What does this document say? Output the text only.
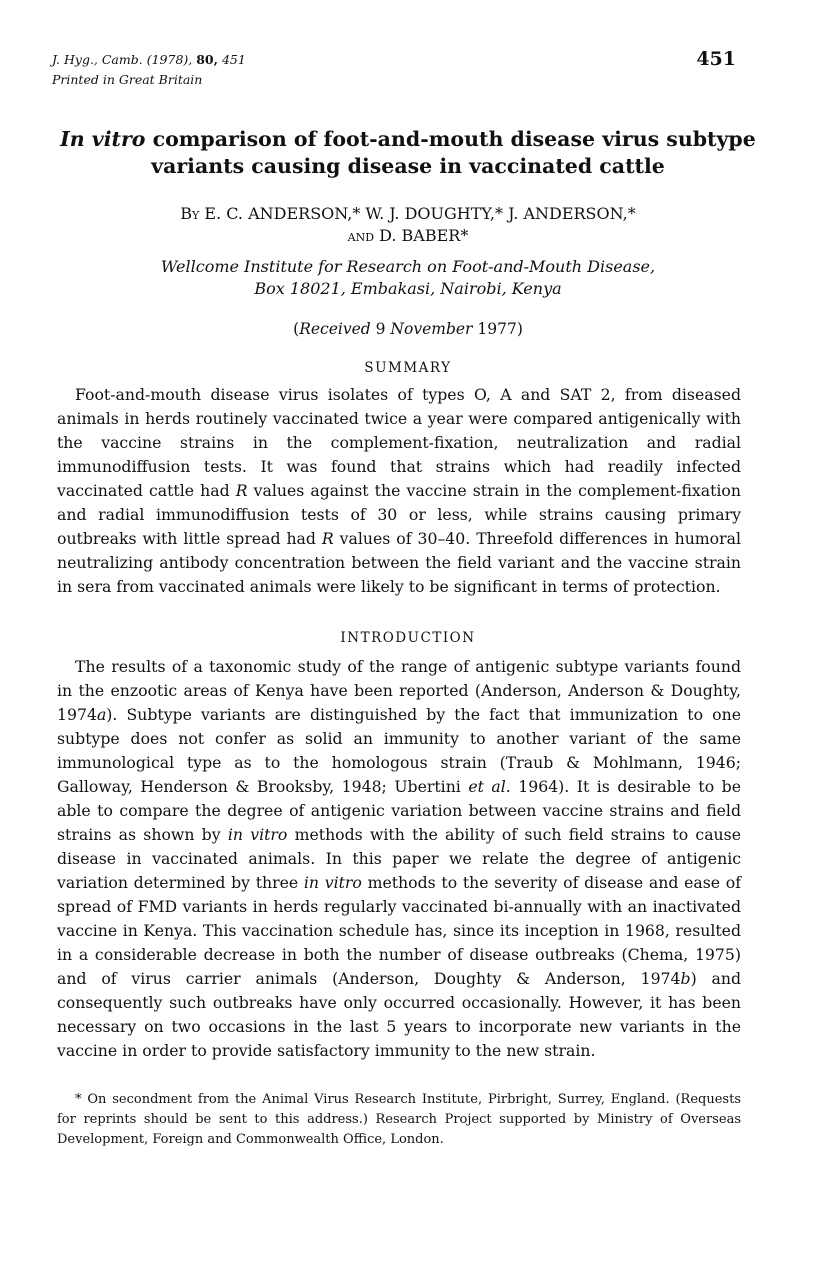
J. Hyg., Camb. (1978), 80, 451
Printed in Great Britain
451
In vitro comparison of foot-and-mouth disease virus subtype
variants causing disease in vaccinated cattle
By E. C. ANDERSON,* W. J. DOUGHTY,* J. ANDERSON,*
and D. BABER*
Wellcome Institute for Research on Foot-and-Mouth Disease,
Box 18021, Embakasi, Nairobi, Kenya
(Received 9 November 1977)
SUMMARY

Foot-and-mouth disease virus isolates of types O, A and SAT 2, from diseased animals in herds routinely vaccinated twice a year were compared antigenically with the vaccine strains in the complement-fixation, neutralization and radial immunodiffusion tests. It was found that strains which had readily infected vaccinated cattle had R values against the vaccine strain in the complement-fixation and radial immunodiffusion tests of 30 or less, while strains causing primary outbreaks with little spread had R values of 30–40. Threefold differences in humoral neutralizing antibody concentration between the field variant and the vaccine strain in sera from vaccinated animals were likely to be significant in terms of protection.

INTRODUCTION

The results of a taxonomic study of the range of antigenic subtype variants found in the enzootic areas of Kenya have been reported (Anderson, Anderson & Doughty, 1974a). Subtype variants are distinguished by the fact that immunization to one subtype does not confer as solid an immunity to another variant of the same immunological type as to the homologous strain (Traub & Mohlmann, 1946; Galloway, Henderson & Brooksby, 1948; Ubertini et al. 1964). It is desirable to be able to compare the degree of antigenic variation between vaccine strains and field strains as shown by in vitro methods with the ability of such field strains to cause disease in vaccinated animals. In this paper we relate the degree of antigenic variation determined by three in vitro methods to the severity of disease and ease of spread of FMD variants in herds regularly vaccinated bi-annually with an inactivated vaccine in Kenya. This vaccination schedule has, since its inception in 1968, resulted in a considerable decrease in both the number of disease outbreaks (Chema, 1975) and of virus carrier animals (Anderson, Doughty & Anderson, 1974b) and consequently such outbreaks have only occurred occasionally. However, it has been necessary on two occasions in the last 5 years to incorporate new variants in the vaccine in order to provide satisfactory immunity to the new strain.

* On secondment from the Animal Virus Research Institute, Pirbright, Surrey, England. (Requests for reprints should be sent to this address.) Research Project supported by Ministry of Overseas Development, Foreign and Commonwealth Office, London.
